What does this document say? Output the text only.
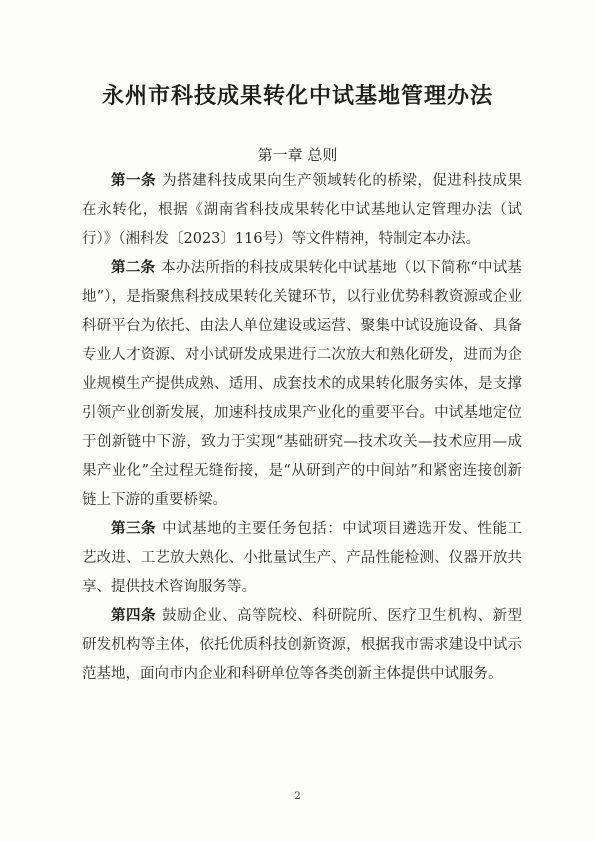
永州市科技成果转化中试基地管理办法
第一章 总则

第一条 为搭建科技成果向生产领域转化的桥梁，促进科技成果在永转化，根据《湖南省科技成果转化中试基地认定管理办法（试行）》（湘科发〔2023〕116号）等文件精神，特制定本办法。

第二条 本办法所指的科技成果转化中试基地（以下简称“中试基地”），是指聚焦科技成果转化关键环节，以行业优势科教资源或企业科研平台为依托、由法人单位建设或运营、聚集中试设施设备、具备专业人才资源、对小试研发成果进行二次放大和熟化研发，进而为企业规模生产提供成熟、适用、成套技术的成果转化服务实体，是支撑引领产业创新发展，加速科技成果产业化的重要平台。中试基地定位于创新链中下游，致力于实现“基础研究—技术攻关—技术应用—成果产业化”全过程无缝衔接，是“从研到产的中间站”和紧密连接创新链上下游的重要桥梁。

第三条 中试基地的主要任务包括：中试项目遴选开发、性能工艺改进、工艺放大熟化、小批量试生产、产品性能检测、仪器开放共享、提供技术咨询服务等。

第四条 鼓励企业、高等院校、科研院所、医疗卫生机构、新型研发机构等主体，依托优质科技创新资源，根据我市需求建设中试示范基地，面向市内企业和科研单位等各类创新主体提供中试服务。

2
